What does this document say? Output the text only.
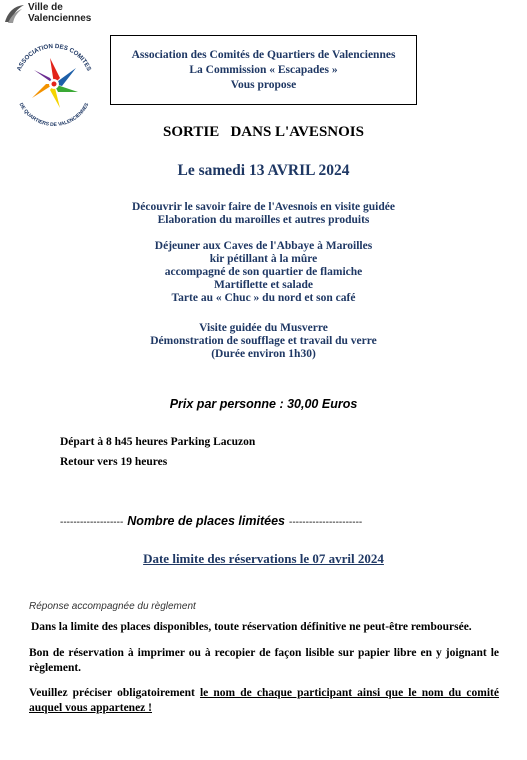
Ville de
Valenciennes
ASSOCIATION DES COMITES
DE QUARTIERS DE VALENCIENNES
Association des Comités de Quartiers de Valenciennes
La Commission « Escapades »
Vous propose
SORTIE   DANS L'AVESNOIS
Le samedi 13 AVRIL 2024
Découvrir le savoir faire de l'Avesnois en visite guidée
Elaboration du maroilles et autres produits
Déjeuner aux Caves de l'Abbaye à Maroilles
kir pétillant à la mûre
accompagné de son quartier de flamiche
Martiflette et salade
Tarte au « Chuc » du nord et son café
Visite guidée du Musverre
Démonstration de soufflage et travail du verre
(Durée environ 1h30)
Prix par personne : 30,00 Euros
Départ à 8 h45 heures Parking Lacuzon
Retour vers 19 heures
------------------- Nombre de places limitées ----------------------
Date limite des réservations le 07 avril 2024
Réponse accompagnée du règlement
Dans la limite des places disponibles, toute réservation définitive ne peut-être remboursée.
Bon de réservation à imprimer ou à recopier de façon lisible sur papier libre en y joignant le règlement.
Veuillez préciser obligatoirement le nom de chaque participant ainsi que le nom du comité auquel vous appartenez !
